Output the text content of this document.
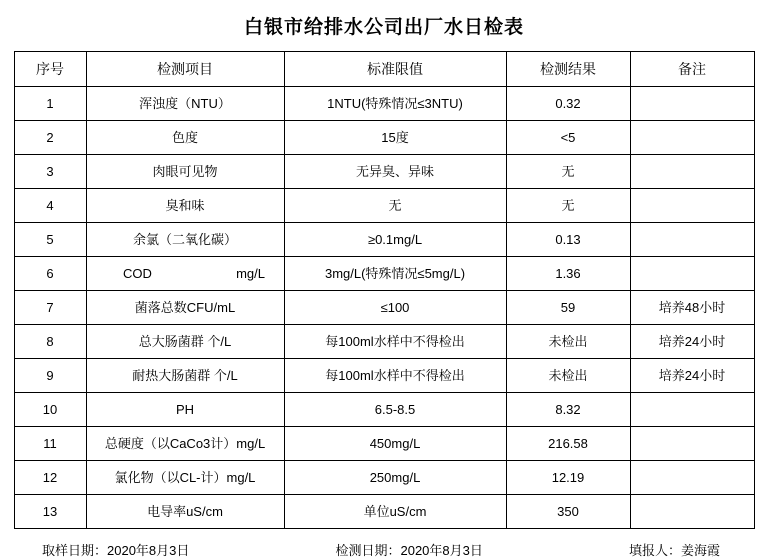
白银市给排水公司出厂水日检表
序号	检测项目	标准限值	检测结果	备注
1	浑浊度（NTU）	1NTU(特殊情况≤3NTU)	0.32	
2	色度	15度	<5	
3	肉眼可见物	无异臭、异味	无	
4	臭和味	无	无	
5	余氯（二氧化碳）	≥0.1mg/L	0.13	
6	COD mg/L	3mg/L(特殊情况≤5mg/L)	1.36	
7	菌落总数CFU/mL	≤100	59	培养48小时
8	总大肠菌群 个/L	每100ml水样中不得检出	未检出	培养24小时
9	耐热大肠菌群 个/L	每100ml水样中不得检出	未检出	培养24小时
10	PH	6.5-8.5	8.32	
11	总硬度（以CaCo3计）mg/L	450mg/L	216.58	
12	氯化物（以CL-计）mg/L	250mg/L	12.19	
13	电导率uS/cm	单位uS/cm	350	
取样日期：2020年8月3日	检测日期：2020年8月3日	填报人：姜海霞
